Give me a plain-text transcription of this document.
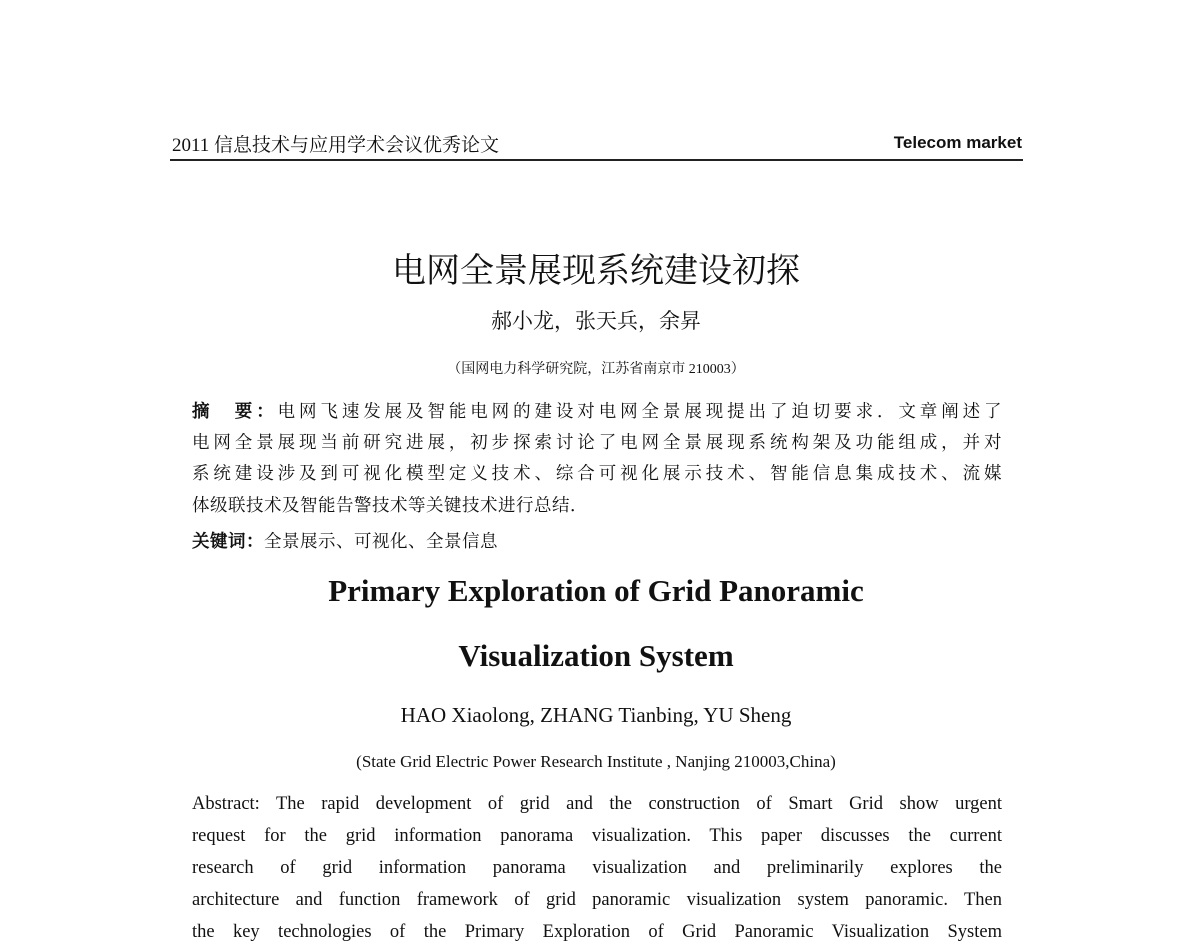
2011 信息技术与应用学术会议优秀论文	Telecom market
电网全景展现系统建设初探
郝小龙，张天兵，余昇
（国网电力科学研究院，江苏省南京市 210003）
摘　要：电网飞速发展及智能电网的建设对电网全景展现提出了迫切要求．文章阐述了
电网全景展现当前研究进展，初步探索讨论了电网全景展现系统构架及功能组成，并对
系统建设涉及到可视化模型定义技术、综合可视化展示技术、智能信息集成技术、流媒
体级联技术及智能告警技术等关键技术进行总结．
关键词：全景展示、可视化、全景信息
Primary Exploration of Grid Panoramic
Visualization System
HAO Xiaolong, ZHANG Tianbing, YU Sheng
(State Grid Electric Power Research Institute , Nanjing 210003,China)
Abstract: The rapid development of grid and the construction of Smart Grid show urgent
request for the grid information panorama visualization. This paper discusses the current
research of grid information panorama visualization and preliminarily explores the
architecture and function framework of grid panoramic visualization system panoramic. Then
the key technologies of the Primary Exploration of Grid Panoramic Visualization System
